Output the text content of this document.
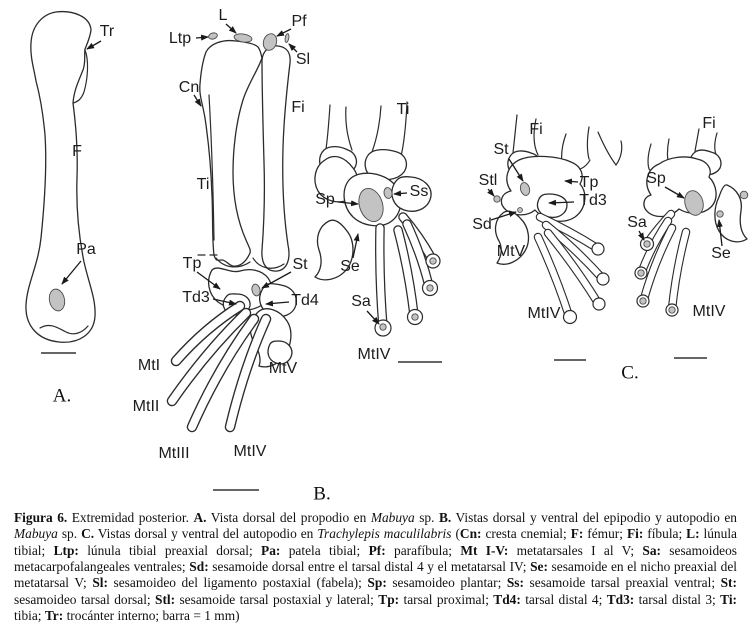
Tr
F
Pa
A.
Ltp
L	Pf
Sl
Cn
Fi
Ti
Tp	St
Td3	Td4
MtI
MtII
MtIII	MtIV
MtV
B.
Ti
Sp	Ss
Se
Sa
MtIV
Fi
St
Stl	Tp
Td3
Sd
MtV
MtIV
Fi
Sp
Sa
Se
MtIV
C.

Figura 6. Extremidad posterior. A. Vista dorsal del propodio en Mabuya sp. B. Vistas dorsal y ventral del epipodio y autopodio en Mabuya sp. C. Vistas dorsal y ventral del autopodio en Trachylepis maculilabris (Cn: cresta cnemial; F: fémur; Fi: fíbula; L: lúnula tibial; Ltp: lúnula tibial preaxial dorsal; Pa: patela tibial; Pf: parafíbula; Mt I-V: metatarsales I al V; Sa: sesamoideos metacarpofalangeales ventrales; Sd: sesamoide dorsal entre el tarsal distal 4 y el metatarsal IV; Se: sesamoide en el nicho preaxial del metatarsal V; Sl: sesamoideo del ligamento postaxial (fabela); Sp: sesamoideo plantar; Ss: sesamoide tarsal preaxial ventral; St: sesamoideo tarsal dorsal; Stl: sesamoide tarsal postaxial y lateral; Tp: tarsal proximal; Td4: tarsal distal 4; Td3: tarsal distal 3; Ti: tibia; Tr: trocánter interno; barra = 1 mm)
